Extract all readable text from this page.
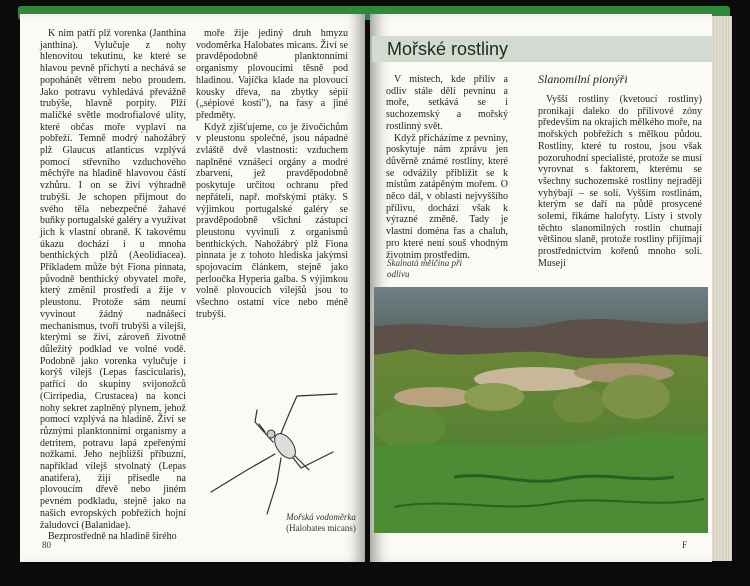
K nim patří plž vorenka (Janthina janthina). Vylučuje z nohy hlenovitou tekutinu, ke které se hlavou pevně přichytí a nechává se popohánět větrem nebo proudem. Jako potravu vyhledává převážně trubýše, hlavně porpity. Plží maličké světle modrofialové ulity, které občas moře vyplaví na pobřeží. Temně modrý nahožábrý plž Glaucus atlanticus vzplývá pomocí střevního vzduchového měchýře na hladině hlavovou částí vzhůru. I on se živí výhradně trubýši. Je schopen přijmout do svého těla nebezpečné žahavé buňky portugalské galéry a využívat jich k vlastní obraně. K takovému úkazu dochází i u mnoha benthických plžů (Aeolidiacea). Příkladem může být Fiona pinnata, původně benthický obyvatel moře, který změnil prostředí a žije v pleustonu. Protože sám neumí vyvinout žádný nadnášecí mechanismus, tvoří trubýši a vilejši, kterými se živí, zároveň životně důležitý podklad ve volné vodě. Podobně jako vorenka vylučuje i korýš vilejš (Lepas fascicularis), patřící do skupiny svijonožců (Cirripedia, Crustacea) na konci nohy sekret zaplněný plynem, jehož pomocí vzplývá na hladině. Živí se různými planktonními organismy a detritem, potravu lapá zpeřenými nožkami. Jeho nejbližší příbuzní, například vilejš stvolnatý (Lepas anatifera), žijí přisedle na plovoucím dřevě nebo jiném pevném podkladu, stejně jako na našich evropských pobřežích hojní žaludovci (Balanidae).

Bezprostředně na hladině širého

moře žije jediný druh hmyzu vodoměrka Halobates micans. Živí se pravděpodobně planktonními organismy plovoucími těsně pod hladinou. Vajíčka klade na plovoucí kousky dřeva, na zbytky sépií („sépiové kosti"), na řasy a jiné předměty.

Když zjišťujeme, co je živočichům v pleustonu společné, jsou nápadné zvláště dvě vlastnosti: vzduchem naplněné vznášecí orgány a modré zbarvení, jež pravděpodobně poskytuje určitou ochranu před nepřáteli, např. mořskými ptáky. S výjimkou portugalské galéry se pravděpodobně všichni zástupci pleustonu vyvinuli z organismů benthických. Nahožábrý plž Fiona pinnata je z tohoto hlediska jakýmsi spojovacím článkem, stejně jako perloočka Hyperia galba. S výjimkou volně plovoucích vilejšů jsou to všechno ostatní více nebo méně trubýši.

Mořská vodoměrka
(Halobates micans)
80
Mořské rostliny

V místech, kde příliv a odliv stále dělí pevninu a moře, setkává se i suchozemský a mořský rostlinný svět.

Když přicházíme z pevniny, poskytuje nám zprávu jen důvěrně známé rostliny, které se odvážily přiblížit se k místům zatápěným mořem. O něco dál, v oblasti nejvyššího přílivu, dochází však k výrazné změně. Tady je vlastní doména řas a chaluh, pro které není souš vhodným životním prostředím.

Slanomilní pionýři

Vyšší rostliny (kvetoucí rostliny) pronikají daleko do přílivové zóny především na okrajích mělkého moře, na mořských pobřežích s mělkou půdou. Rostliny, které tu rostou, jsou však pozoruhodní specialisté, protože se musí vyrovnat s faktorem, kterému se všechny suchozemské rostliny nejraději vyhýbají – se solí. Vyšším rostlinám, kterým se daří na půdě prosycené solemi, říkáme halofyty. Listy i stvoly těchto slanomilných rostlin chutnají většinou slaně, protože rostliny přijímají prostřednictvím kořenů mnoho soli. Musejí

Skalnatá mělčina při odlivu
F
